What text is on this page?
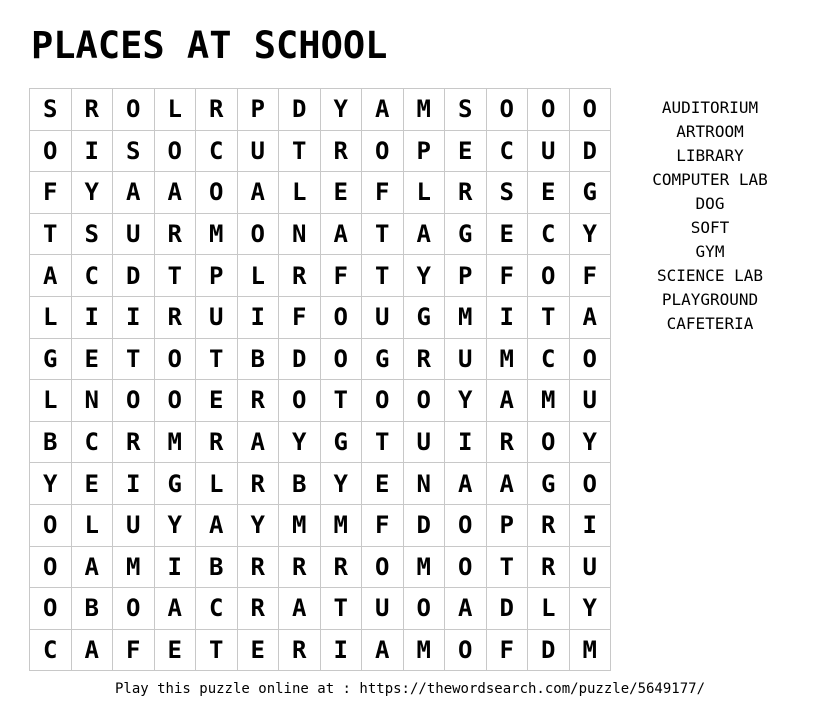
PLACES AT SCHOOL
S	R	O	L	R	P	D	Y	A	M	S	O	O	O
O	I	S	O	C	U	T	R	O	P	E	C	U	D
F	Y	A	A	O	A	L	E	F	L	R	S	E	G
T	S	U	R	M	O	N	A	T	A	G	E	C	Y
A	C	D	T	P	L	R	F	T	Y	P	F	O	F
L	I	I	R	U	I	F	O	U	G	M	I	T	A
G	E	T	O	T	B	D	O	G	R	U	M	C	O
L	N	O	O	E	R	O	T	O	O	Y	A	M	U
B	C	R	M	R	A	Y	G	T	U	I	R	O	Y
Y	E	I	G	L	R	B	Y	E	N	A	A	G	O
O	L	U	Y	A	Y	M	M	F	D	O	P	R	I
O	A	M	I	B	R	R	R	O	M	O	T	R	U
O	B	O	A	C	R	A	T	U	O	A	D	L	Y
C	A	F	E	T	E	R	I	A	M	O	F	D	M
AUDITORIUM
ARTROOM
LIBRARY
COMPUTER LAB
DOG
SOFT
GYM
SCIENCE LAB
PLAYGROUND
CAFETERIA
Play this puzzle online at : https://thewordsearch.com/puzzle/5649177/
